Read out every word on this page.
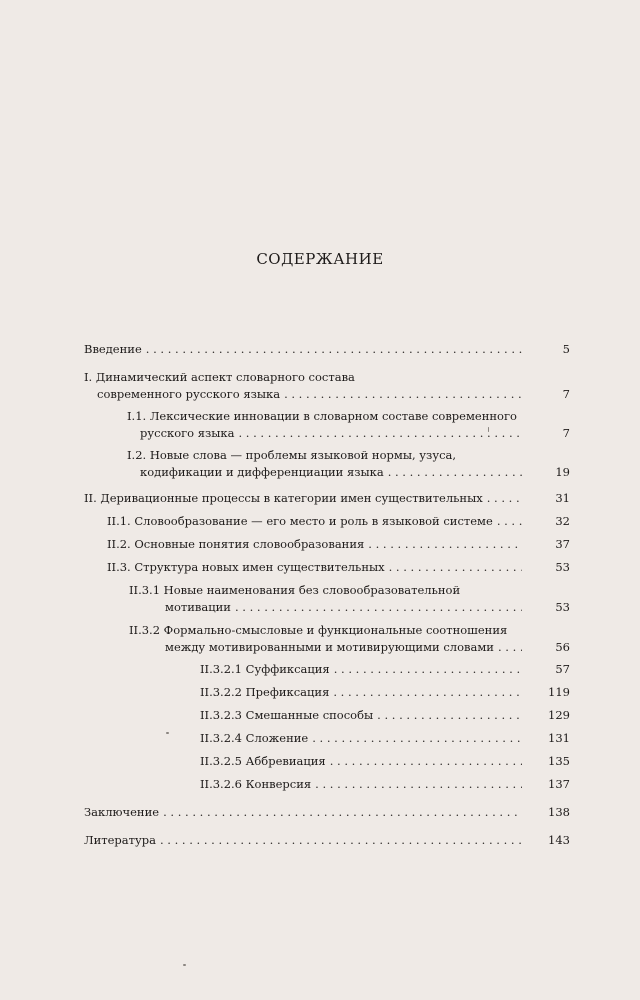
СОДЕРЖАНИЕ
Введение . . .	5
I. Динамический аспект словарного состава
современного русского языка . . .	7
I.1. Лексические инновации в словарном составе современного
русского языка . . .	7
I.2. Новые слова — проблемы языковой нормы, узуса,
кодификации и дифференциации языка . . .	19
II. Деривационные процессы в категории имен существительных . . .	31
II.1. Словообразование — его место и роль в языковой системе . . .	32
II.2. Основные понятия словообразования . . .	37
II.3. Структура новых имен существительных . . .	53
II.3.1 Новые наименования без словообразовательной
мотивации . . .	53
II.3.2 Формально-смысловые и функциональные соотношения
между мотивированными и мотивирующими словами . . .	56
II.3.2.1 Суффиксация . . .	57
II.3.2.2 Префиксация . . .	119
II.3.2.3 Смешанные способы . . .	129
II.3.2.4 Сложение . . .	131
II.3.2.5 Аббревиация . . .	135
II.3.2.6 Конверсия . . .	137
Заключение . . .	138
Литература . . .	143
